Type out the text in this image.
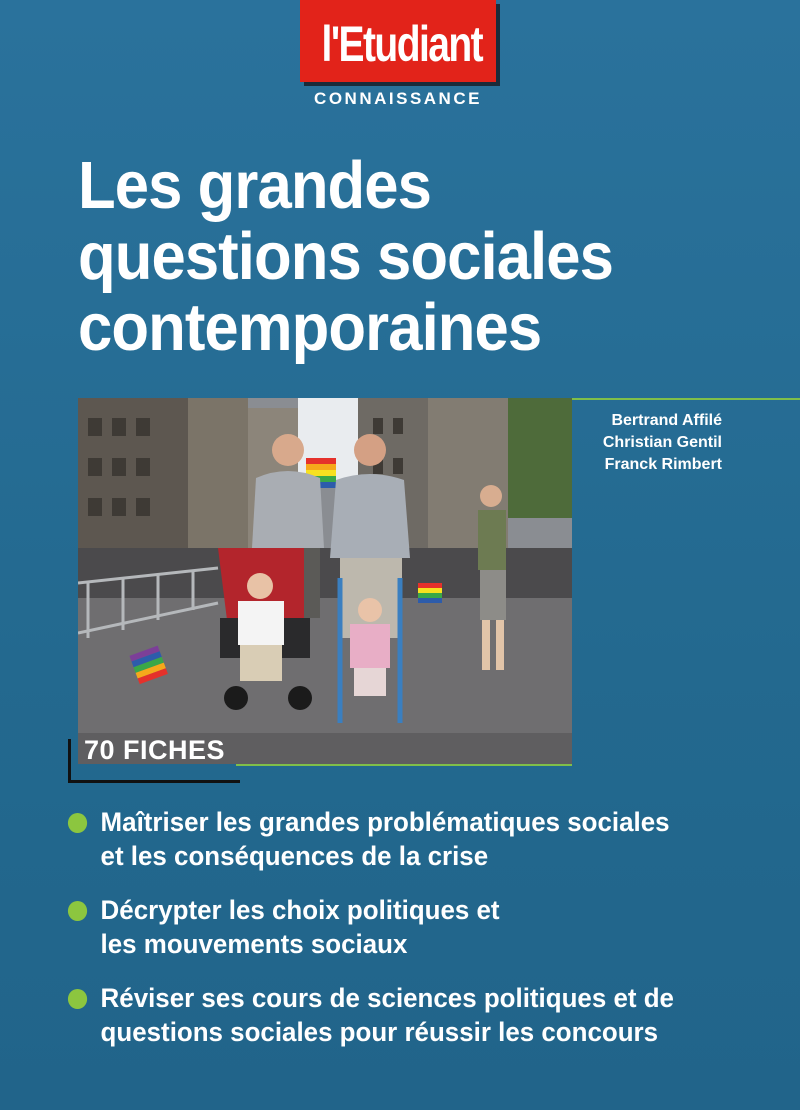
l'Etudiant
CONNAISSANCE
Les grandes
questions sociales
contemporaines
Bertrand Affilé
Christian Gentil
Franck Rimbert
70 FICHES
Maîtriser les grandes problématiques sociales
et les conséquences de la crise
Décrypter les choix politiques et
les mouvements sociaux
Réviser ses cours de sciences politiques et de
questions sociales pour réussir les concours
